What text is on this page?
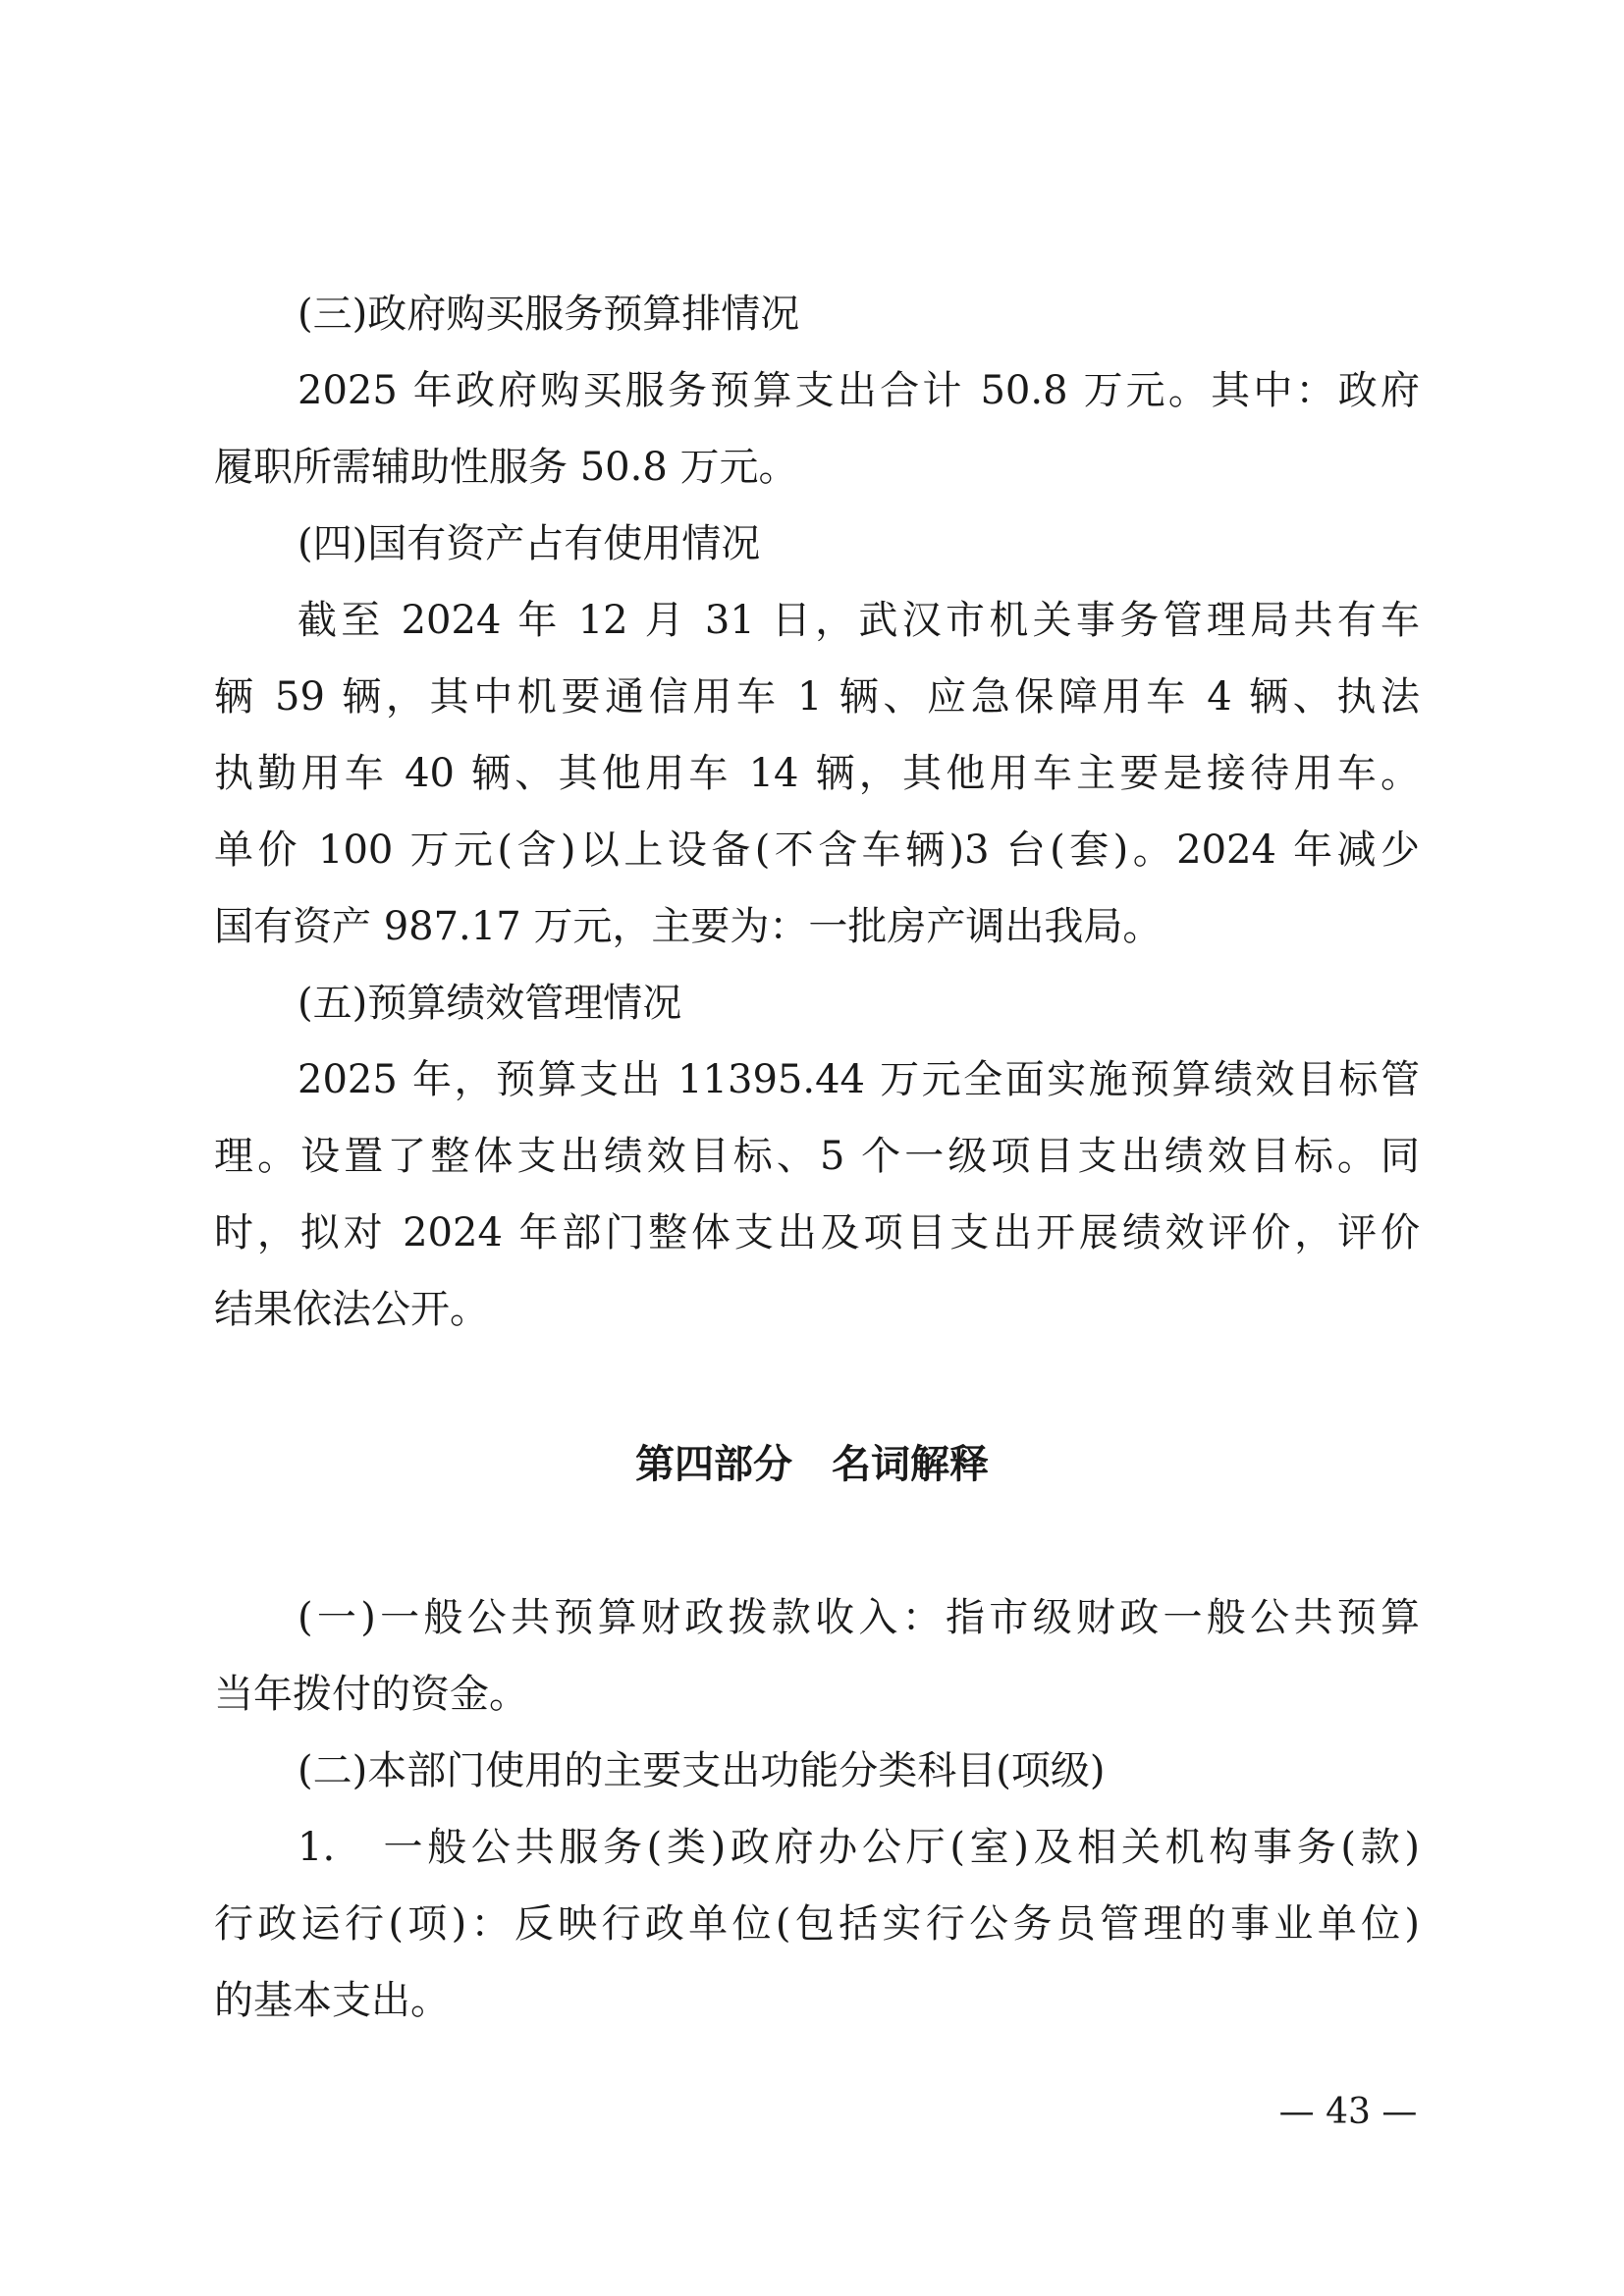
(三)政府购买服务预算排情况
2025 年政府购买服务预算支出合计 50.8 万元。其中：政府
履职所需辅助性服务 50.8 万元。
(四)国有资产占有使用情况
截至 2024 年 12 月 31 日，武汉市机关事务管理局共有车
辆 59 辆，其中机要通信用车 1 辆、应急保障用车 4 辆、执法
执勤用车 40 辆、其他用车 14 辆，其他用车主要是接待用车。
单价 100 万元(含)以上设备(不含车辆)3 台(套)。2024 年减少
国有资产 987.17 万元，主要为：一批房产调出我局。
(五)预算绩效管理情况
2025 年，预算支出 11395.44 万元全面实施预算绩效目标管
理。设置了整体支出绩效目标、5 个一级项目支出绩效目标。同
时，拟对 2024 年部门整体支出及项目支出开展绩效评价，评价
结果依法公开。
第四部分　名词解释
(一)一般公共预算财政拨款收入：指市级财政一般公共预算
当年拨付的资金。
(二)本部门使用的主要支出功能分类科目(项级)
1.　一般公共服务(类)政府办公厅(室)及相关机构事务(款)
行政运行(项)：反映行政单位(包括实行公务员管理的事业单位)
的基本支出。
— 43 —
